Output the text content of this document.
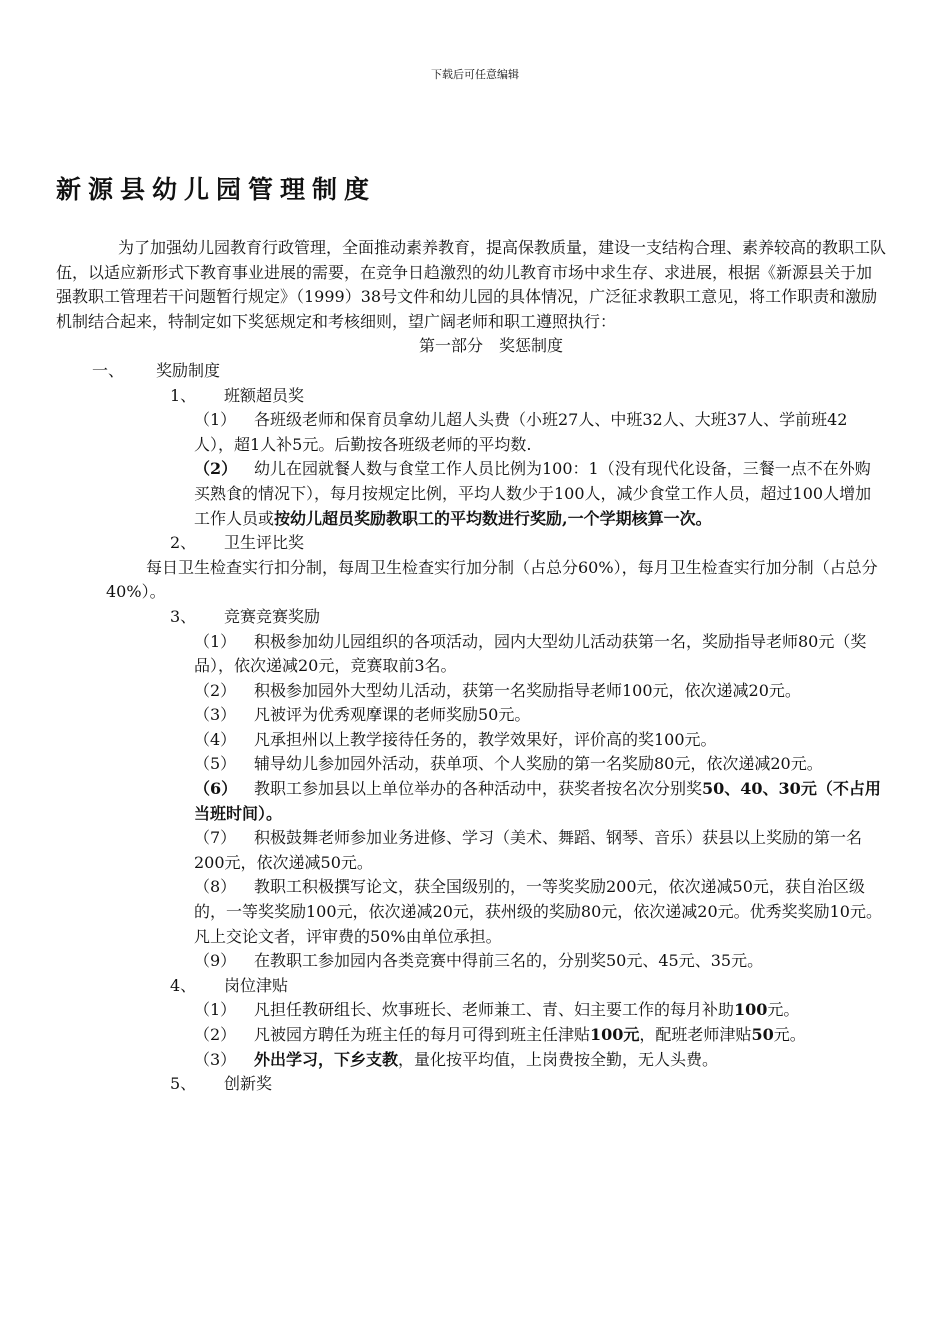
下载后可任意编辑
新源县幼儿园管理制度

为了加强幼儿园教育行政管理，全面推动素养教育，提高保教质量，建设一支结构合理、素养较高的教职工队伍，以适应新形式下教育事业进展的需要，在竞争日趋激烈的幼儿教育市场中求生存、求进展，根据《新源县关于加强教职工管理若干问题暂行规定》（1999）38号文件和幼儿园的具体情况，广泛征求教职工意见，将工作职责和激励机制结合起来，特制定如下奖惩规定和考核细则，望广阔老师和职工遵照执行：

第一部分　奖惩制度

一、 奖励制度

1、 班额超员奖

（1） 各班级老师和保育员拿幼儿超人头费（小班27人、中班32人、大班37人、学前班42人），超1人补5元。后勤按各班级老师的平均数.

（2） 幼儿在园就餐人数与食堂工作人员比例为100：1（没有现代化设备，三餐一点不在外购买熟食的情况下），每月按规定比例，平均人数少于100人，减少食堂工作人员，超过100人增加工作人员或按幼儿超员奖励教职工的平均数进行奖励,一个学期核算一次。

2、 卫生评比奖

每日卫生检查实行扣分制，每周卫生检查实行加分制（占总分60%），每月卫生检查实行加分制（占总分40%）。

3、 竞赛竞赛奖励

（1） 积极参加幼儿园组织的各项活动，园内大型幼儿活动获第一名，奖励指导老师80元（奖品），依次递减20元，竞赛取前3名。

（2） 积极参加园外大型幼儿活动，获第一名奖励指导老师100元，依次递减20元。

（3） 凡被评为优秀观摩课的老师奖励50元。

（4） 凡承担州以上教学接待任务的，教学效果好，评价高的奖100元。

（5） 辅导幼儿参加园外活动，获单项、个人奖励的第一名奖励80元，依次递减20元。

（6） 教职工参加县以上单位举办的各种活动中，获奖者按名次分别奖50、40、30元（不占用当班时间）。

（7） 积极鼓舞老师参加业务进修、学习（美术、舞蹈、钢琴、音乐）获县以上奖励的第一名200元，依次递减50元。

（8） 教职工积极撰写论文，获全国级别的，一等奖奖励200元，依次递减50元，获自治区级的，一等奖奖励100元，依次递减20元，获州级的奖励80元，依次递减20元。优秀奖奖励10元。凡上交论文者，评审费的50%由单位承担。

（9） 在教职工参加园内各类竞赛中得前三名的，分别奖50元、45元、35元。

4、 岗位津贴

（1） 凡担任教研组长、炊事班长、老师兼工、青、妇主要工作的每月补助100元。

（2） 凡被园方聘任为班主任的每月可得到班主任津贴100元，配班老师津贴50元。

（3） 外出学习，下乡支教，量化按平均值，上岗费按全勤，无人头费。

5、 创新奖
